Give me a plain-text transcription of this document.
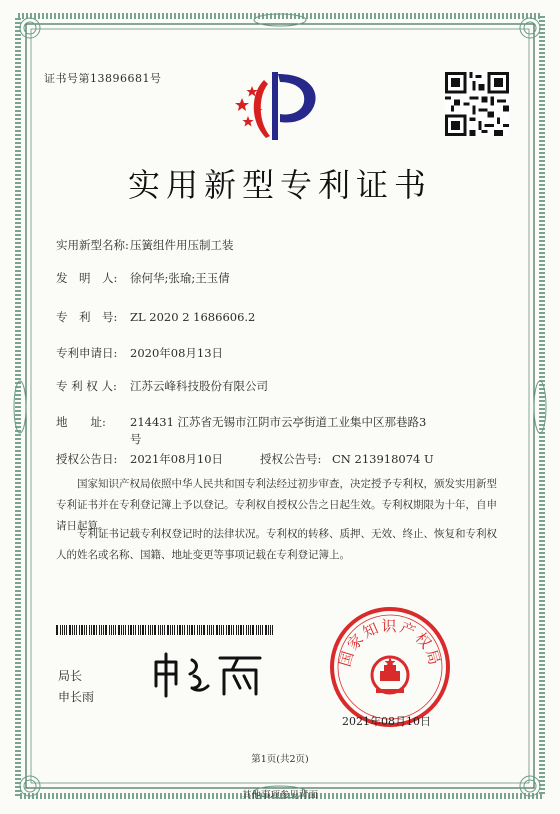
证书号第13896681号
实用新型专利证书
实用新型名称:压簧组件用压制工装
发　明　人: 徐何华;张瑜;王玉倩
专　利　号: ZL 2020 2 1686606.2
专利申请日: 2020年08月13日
专 利 权 人: 江苏云峰科技股份有限公司
地　　址: 214431 江苏省无锡市江阴市云亭街道工业集中区那巷路3
号
授权公告日: 2021年08月10日	授权公告号: CN 213918074 U
国家知识产权局依照中华人民共和国专利法经过初步审查，决定授予专利权，颁发实用新型专利证书并在专利登记簿上予以登记。专利权自授权公告之日起生效。专利权期限为十年，自申请日起算。
专利证书记载专利权登记时的法律状况。专利权的转移、质押、无效、终止、恢复和专利权人的姓名或名称、国籍、地址变更等事项记载在专利登记簿上。
局长
申长雨
国家知识产权局
2021年08月10日
第1页(共2页)
其他事项参见背面
